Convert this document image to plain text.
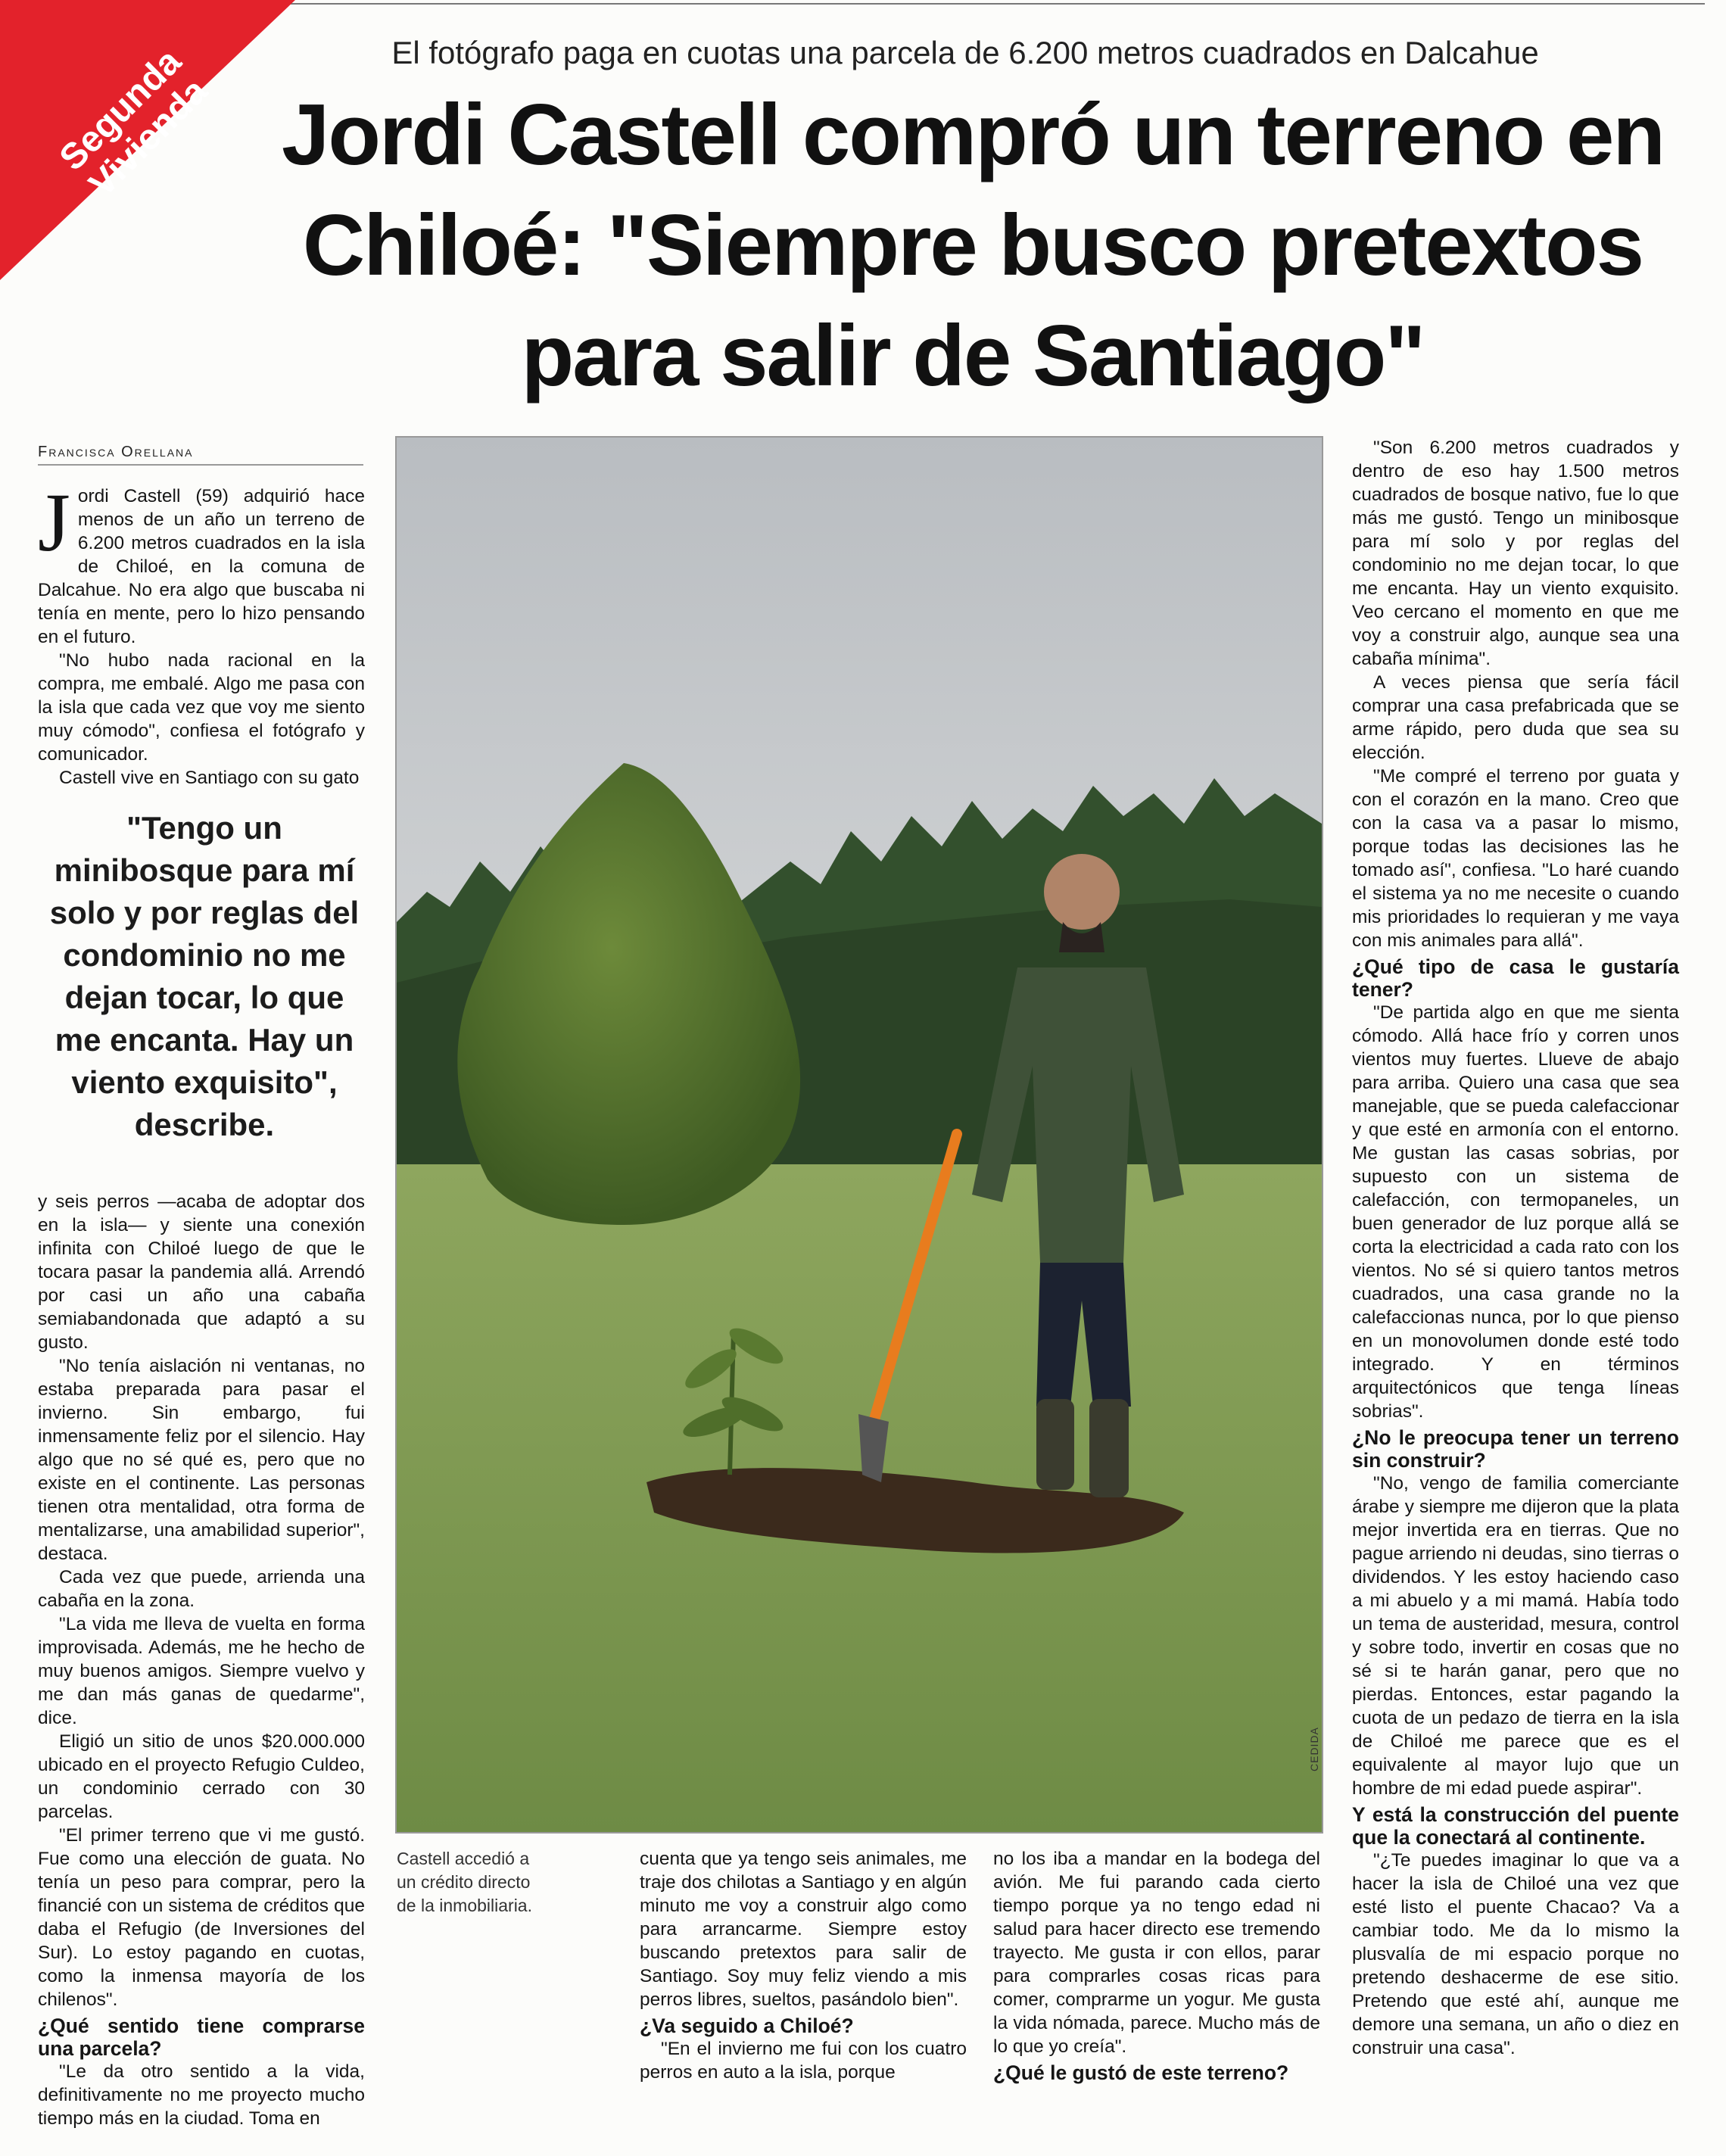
Segunda Vivienda
El fotógrafo paga en cuotas una parcela de 6.200 metros cuadrados en Dalcahue
Jordi Castell compró un terreno en Chiloé: "Siempre busco pretextos para salir de Santiago"
Francisca Orellana

Jordi Castell (59) adquirió hace menos de un año un terreno de 6.200 metros cuadrados en la isla de Chiloé, en la comuna de Dalcahue. No era algo que buscaba ni tenía en mente, pero lo hizo pensando en el futuro.

"No hubo nada racional en la compra, me embalé. Algo me pasa con la isla que cada vez que voy me siento muy cómodo", confiesa el fotógrafo y comunicador.

Castell vive en Santiago con su gato

"Tengo un minibosque para mí solo y por reglas del condominio no me dejan tocar, lo que me encanta. Hay un viento exquisito", describe.

y seis perros —acaba de adoptar dos en la isla— y siente una conexión infinita con Chiloé luego de que le tocara pasar la pandemia allá. Arrendó por casi un año una cabaña semiabandonada que adaptó a su gusto.

"No tenía aislación ni ventanas, no estaba preparada para pasar el invierno. Sin embargo, fui inmensamente feliz por el silencio. Hay algo que no sé qué es, pero que no existe en el continente. Las personas tienen otra mentalidad, otra forma de mentalizarse, una amabilidad superior", destaca.

Cada vez que puede, arrienda una cabaña en la zona.

"La vida me lleva de vuelta en forma improvisada. Además, me he hecho de muy buenos amigos. Siempre vuelvo y me dan más ganas de quedarme", dice.

Eligió un sitio de unos $20.000.000 ubicado en el proyecto Refugio Culdeo, un condominio cerrado con 30 parcelas.

"El primer terreno que vi me gustó. Fue como una elección de guata. No tenía un peso para comprar, pero la financié con un sistema de créditos que daba el Refugio (de Inversiones del Sur). Lo estoy pagando en cuotas, como la inmensa mayoría de los chilenos".

¿Qué sentido tiene comprarse una parcela?

"Le da otro sentido a la vida, definitivamente no me proyecto mucho tiempo más en la ciudad. Toma en

CEDIDA
Castell accedió a un crédito directo de la inmobiliaria.

cuenta que ya tengo seis animales, me traje dos chilotas a Santiago y en algún minuto me voy a construir algo como para arrancarme. Siempre estoy buscando pretextos para salir de Santiago. Soy muy feliz viendo a mis perros libres, sueltos, pasándolo bien".

¿Va seguido a Chiloé?

"En el invierno me fui con los cuatro perros en auto a la isla, porque

no los iba a mandar en la bodega del avión. Me fui parando cada cierto tiempo porque ya no tengo edad ni salud para hacer directo ese tremendo trayecto. Me gusta ir con ellos, parar para comprarles cosas ricas para comer, comprarme un yogur. Me gusta la vida nómada, parece. Mucho más de lo que yo creía".

¿Qué le gustó de este terreno?

"Son 6.200 metros cuadrados y dentro de eso hay 1.500 metros cuadrados de bosque nativo, fue lo que más me gustó. Tengo un minibosque para mí solo y por reglas del condominio no me dejan tocar, lo que me encanta. Hay un viento exquisito. Veo cercano el momento en que me voy a construir algo, aunque sea una cabaña mínima".

A veces piensa que sería fácil comprar una casa prefabricada que se arme rápido, pero duda que sea su elección.

"Me compré el terreno por guata y con el corazón en la mano. Creo que con la casa va a pasar lo mismo, porque todas las decisiones las he tomado así", confiesa. "Lo haré cuando el sistema ya no me necesite o cuando mis prioridades lo requieran y me vaya con mis animales para allá".

¿Qué tipo de casa le gustaría tener?

"De partida algo en que me sienta cómodo. Allá hace frío y corren unos vientos muy fuertes. Llueve de abajo para arriba. Quiero una casa que sea manejable, que se pueda calefaccionar y que esté en armonía con el entorno. Me gustan las casas sobrias, por supuesto con un sistema de calefacción, con termopaneles, un buen generador de luz porque allá se corta la electricidad a cada rato con los vientos. No sé si quiero tantos metros cuadrados, una casa grande no la calefaccionas nunca, por lo que pienso en un monovolumen donde esté todo integrado. Y en términos arquitectónicos que tenga líneas sobrias".

¿No le preocupa tener un terreno sin construir?

"No, vengo de familia comerciante árabe y siempre me dijeron que la plata mejor invertida era en tierras. Que no pague arriendo ni deudas, sino tierras o dividendos. Y les estoy haciendo caso a mi abuelo y a mi mamá. Había todo un tema de austeridad, mesura, control y sobre todo, invertir en cosas que no sé si te harán ganar, pero que no pierdas. Entonces, estar pagando la cuota de un pedazo de tierra en la isla de Chiloé me parece que es el equivalente al mayor lujo que un hombre de mi edad puede aspirar".

Y está la construcción del puente que la conectará al continente.

"¿Te puedes imaginar lo que va a hacer la isla de Chiloé una vez que esté listo el puente Chacao? Va a cambiar todo. Me da lo mismo la plusvalía de mi espacio porque no pretendo deshacerme de ese sitio. Pretendo que esté ahí, aunque me demore una semana, un año o diez en construir una casa".
